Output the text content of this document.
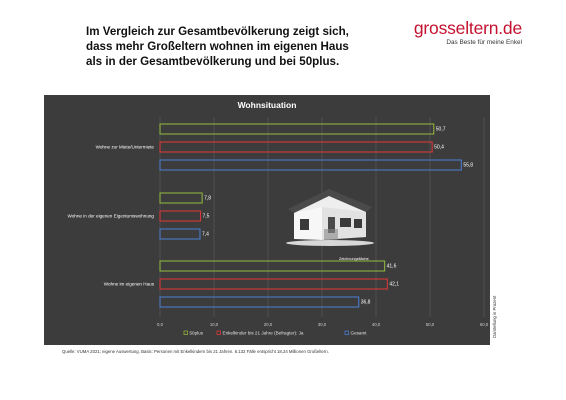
Im Vergleich zur Gesamtbevölkerung zeigt sich,
dass mehr Großeltern wohnen im eigenen Haus
als in der Gesamtbevölkerung und bei 50plus.
grosseltern.de
Das Beste für meine Enkel
50,7
50,4
55,8
7,8
7,5
7,4
41,6
42,1
36,8
Zeichnungsfläche
Wohne zur Miete/Untermiete
Wohne in der eigenen Eigentumswohnung
Wohne im eigenen Haus
0,0	10,0	20,0	30,0	40,0	50,0	60,0
50plus	Enkelkinder bis 21 Jahre (Befragter): Ja	Gesamt
Wohnsituation
Quelle: VUMA 2021; eigene Auswertung. Basis: Personen mit Enkelkindern bis 21 Jahren. 6.132 Fälle entspricht 18,24 Millionen Großeltern.
Darstellung in Prozent
